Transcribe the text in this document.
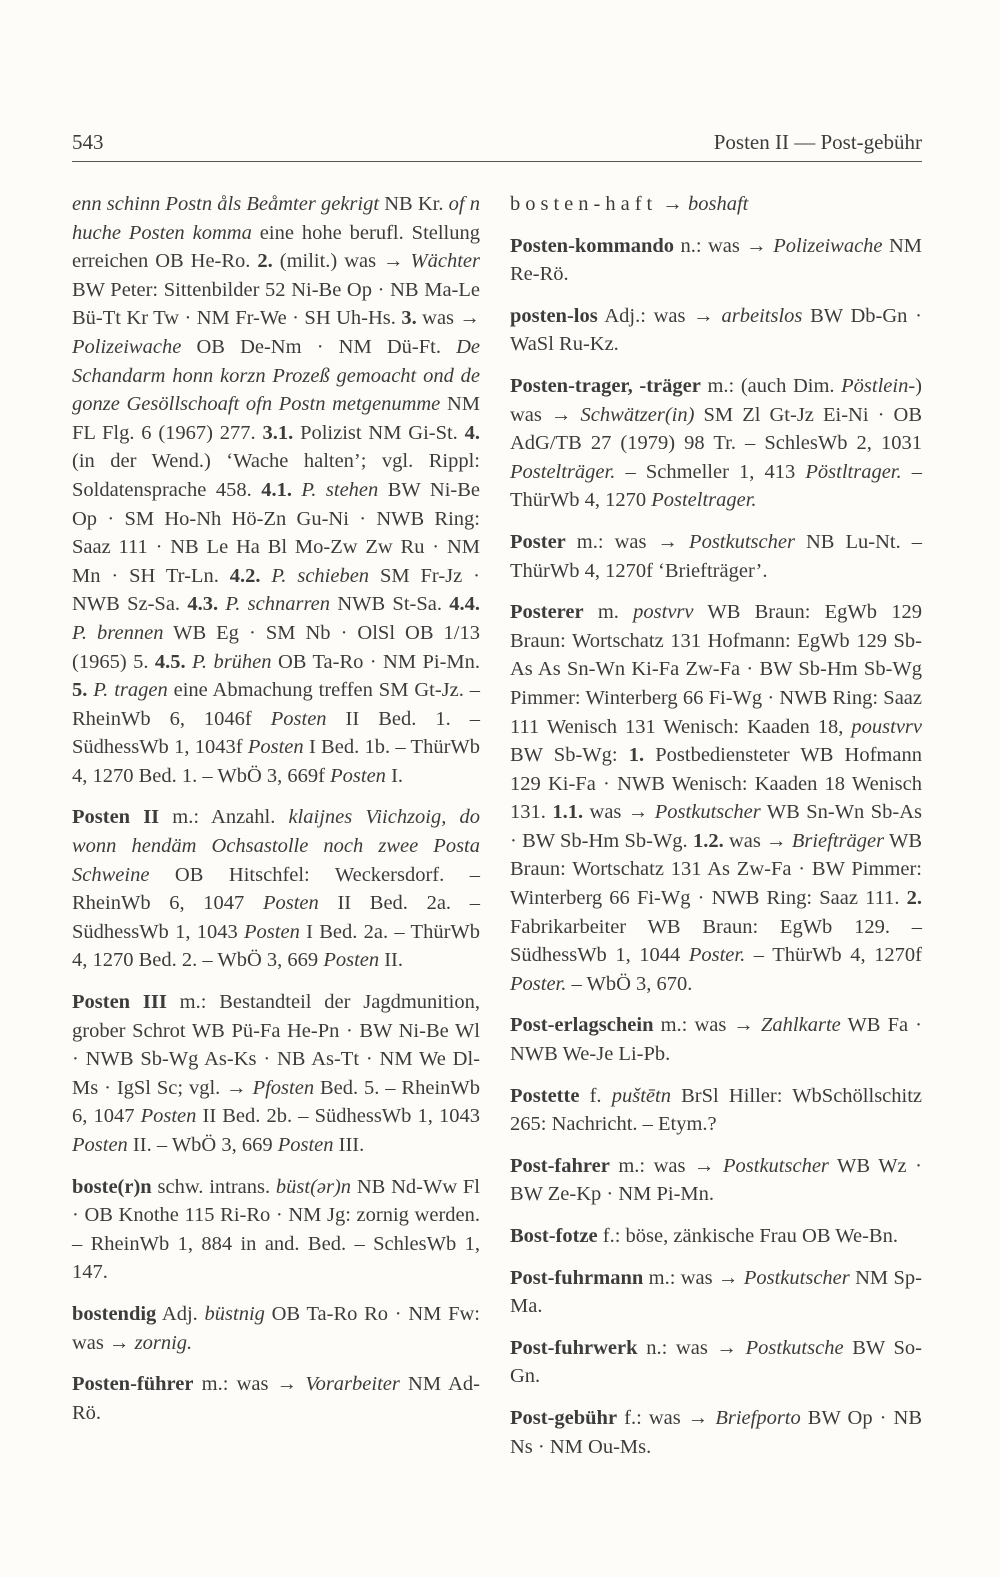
543	Posten II — Post-gebühr

enn schinn Postn åls Beåmter gekrigt NB Kr. of n huche Posten komma eine hohe berufl. Stellung erreichen OB He-Ro. 2. (milit.) was → Wächter BW Peter: Sittenbilder 52 Ni-Be Op · NB Ma-Le Bü-Tt Kr Tw · NM Fr-We · SH Uh-Hs. 3. was → Polizeiwache OB De-Nm · NM Dü-Ft. De Schandarm honn korzn Prozeß gemoacht ond de gonze Gesöllschoaft ofn Postn metgenumme NM FL Flg. 6 (1967) 277. 3.1. Polizist NM Gi-St. 4. (in der Wend.) ‘Wache halten’; vgl. Rippl: Soldatensprache 458. 4.1. P. stehen BW Ni-Be Op · SM Ho-Nh Hö-Zn Gu-Ni · NWB Ring: Saaz 111 · NB Le Ha Bl Mo-Zw Zw Ru · NM Mn · SH Tr-Ln. 4.2. P. schieben SM Fr-Jz · NWB Sz-Sa. 4.3. P. schnarren NWB St-Sa. 4.4. P. brennen WB Eg · SM Nb · OlSl OB 1/13 (1965) 5. 4.5. P. brühen OB Ta-Ro · NM Pi-Mn. 5. P. tragen eine Abmachung treffen SM Gt-Jz. – RheinWb 6, 1046f Posten II Bed. 1. – SüdhessWb 1, 1043f Posten I Bed. 1b. – ThürWb 4, 1270 Bed. 1. – WbÖ 3, 669f Posten I.

Posten II m.: Anzahl. klaijnes Viichzoig, do wonn hendäm Ochsastolle noch zwee Posta Schweine OB Hitschfel: Weckersdorf. – RheinWb 6, 1047 Posten II Bed. 2a. – SüdhessWb 1, 1043 Posten I Bed. 2a. – ThürWb 4, 1270 Bed. 2. – WbÖ 3, 669 Posten II.

Posten III m.: Bestandteil der Jagdmunition, grober Schrot WB Pü-Fa He-Pn · BW Ni-Be Wl · NWB Sb-Wg As-Ks · NB As-Tt · NM We Dl-Ms · IgSl Sc; vgl. → Pfosten Bed. 5. – RheinWb 6, 1047 Posten II Bed. 2b. – SüdhessWb 1, 1043 Posten II. – WbÖ 3, 669 Posten III.

boste(r)n schw. intrans. büst(ər)n NB Nd-Ww Fl · OB Knothe 115 Ri-Ro · NM Jg: zornig werden. – RheinWb 1, 884 in and. Bed. – SchlesWb 1, 147.

bostendig Adj. büstnig OB Ta-Ro Ro · NM Fw: was → zornig.

Posten-führer m.: was → Vorarbeiter NM Ad-Rö.

bosten-haft → boshaft

Posten-kommando n.: was → Polizeiwache NM Re-Rö.

posten-los Adj.: was → arbeitslos BW Db-Gn · WaSl Ru-Kz.

Posten-trager, -träger m.: (auch Dim. Pöstlein-) was → Schwätzer(in) SM Zl Gt-Jz Ei-Ni · OB AdG/TB 27 (1979) 98 Tr. – SchlesWb 2, 1031 Postelträger. – Schmeller 1, 413 Pöstltrager. – ThürWb 4, 1270 Posteltrager.

Poster m.: was → Postkutscher NB Lu-Nt. – ThürWb 4, 1270f ‘Briefträger’.

Posterer m. postvrv WB Braun: EgWb 129 Braun: Wortschatz 131 Hofmann: EgWb 129 Sb-As As Sn-Wn Ki-Fa Zw-Fa · BW Sb-Hm Sb-Wg Pimmer: Winterberg 66 Fi-Wg · NWB Ring: Saaz 111 Wenisch 131 Wenisch: Kaaden 18, poustvrv BW Sb-Wg: 1. Postbediensteter WB Hofmann 129 Ki-Fa · NWB Wenisch: Kaaden 18 Wenisch 131. 1.1. was → Postkutscher WB Sn-Wn Sb-As · BW Sb-Hm Sb-Wg. 1.2. was → Briefträger WB Braun: Wortschatz 131 As Zw-Fa · BW Pimmer: Winterberg 66 Fi-Wg · NWB Ring: Saaz 111. 2. Fabrikarbeiter WB Braun: EgWb 129. – SüdhessWb 1, 1044 Poster. – ThürWb 4, 1270f Poster. – WbÖ 3, 670.

Post-erlagschein m.: was → Zahlkarte WB Fa · NWB We-Je Li-Pb.

Postette f. puštētn BrSl Hiller: WbSchöllschitz 265: Nachricht. – Etym.?

Post-fahrer m.: was → Postkutscher WB Wz · BW Ze-Kp · NM Pi-Mn.

Bost-fotze f.: böse, zänkische Frau OB We-Bn.

Post-fuhrmann m.: was → Postkutscher NM Sp-Ma.

Post-fuhrwerk n.: was → Postkutsche BW So-Gn.

Post-gebühr f.: was → Briefporto BW Op · NB Ns · NM Ou-Ms.
